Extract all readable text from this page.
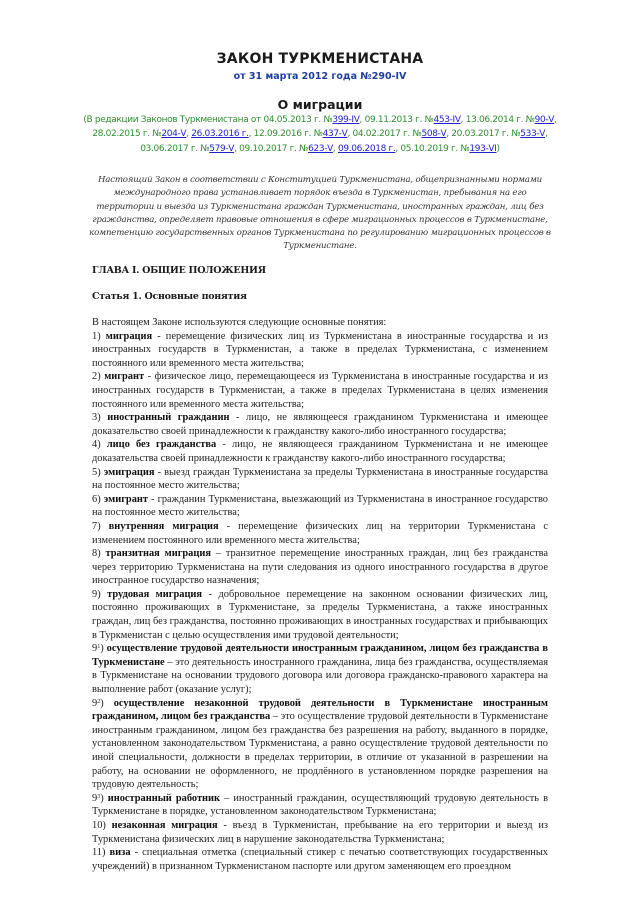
ЗАКОН ТУРКМЕНИСТАНА
от 31 марта 2012 года №290-IV
О миграции
(В редакции Законов Туркменистана от 04.05.2013 г. №399-IV, 09.11.2013 г. №453-IV, 13.06.2014 г. №90-V, 28.02.2015 г. №204-V, 26.03.2016 г., 12.09.2016 г. №437-V, 04.02.2017 г. №508-V, 20.03.2017 г. №533-V, 03.06.2017 г. №579-V, 09.10.2017 г. №623-V, 09.06.2018 г., 05.10.2019 г. №193-VI)
Настоящий Закон в соответствии с Конституцией Туркменистана, общепризнанными нормами международного права устанавливает порядок въезда в Туркменистан, пребывания на его территории и выезда из Туркменистана граждан Туркменистана, иностранных граждан, лиц без гражданства, определяет правовые отношения в сфере миграционных процессов в Туркменистане, компетенцию государственных органов Туркменистана по регулированию миграционных процессов в Туркменистане.
ГЛАВА I. ОБЩИЕ ПОЛОЖЕНИЯ
Статья 1. Основные понятия

В настоящем Законе используются следующие основные понятия:

1) миграция - перемещение физических лиц из Туркменистана в иностранные государства и из иностранных государств в Туркменистан, а также в пределах Туркменистана, с изменением постоянного или временного места жительства;

2) мигрант - физическое лицо, перемещающееся из Туркменистана в иностранные государства и из иностранных государств в Туркменистан, а также в пределах Туркменистана в целях изменения постоянного или временного места жительства;

3) иностранный гражданин - лицо, не являющееся гражданином Туркменистана и имеющее доказательство своей принадлежности к гражданству какого-либо иностранного государства;

4) лицо без гражданства - лицо, не являющееся гражданином Туркменистана и не имеющее доказательства своей принадлежности к гражданству какого-либо иностранного государства;

5) эмиграция - выезд граждан Туркменистана за пределы Туркменистана в иностранные государства на постоянное место жительства;

6) эмигрант - гражданин Туркменистана, выезжающий из Туркменистана в иностранное государство на постоянное место жительства;

7) внутренняя миграция - перемещение физических лиц на территории Туркменистана с изменением постоянного или временного места жительства;

8) транзитная миграция – транзитное перемещение иностранных граждан, лиц без гражданства через территорию Туркменистана на пути следования из одного иностранного государства в другое иностранное государство назначения;

9) трудовая миграция - добровольное перемещение на законном основании физических лиц, постоянно проживающих в Туркменистане, за пределы Туркменистана, а также иностранных граждан, лиц без гражданства, постоянно проживающих в иностранных государствах и прибывающих в Туркменистан с целью осуществления ими трудовой деятельности;

$9^1$) осуществление трудовой деятельности иностранным гражданином, лицом без гражданства в Туркменистане – это деятельность иностранного гражданина, лица без гражданства, осуществляемая в Туркменистане на основании трудового договора или договора гражданско-правового характера на выполнение работ (оказание услуг);

$9^2$) осуществление незаконной трудовой деятельности в Туркменистане иностранным гражданином, лицом без гражданства – это осуществление трудовой деятельности в Туркменистане иностранным гражданином, лицом без гражданства без разрешения на работу, выданного в порядке, установленном законодательством Туркменистана, а равно осуществление трудовой деятельности по иной специальности, должности в пределах территории, в отличие от указанной в разрешении на работу, на основании не оформленного, не продлённого в установленном порядке разрешения на трудовую деятельность;

$9^3$) иностранный работник – иностранный гражданин, осуществляющий трудовую деятельность в Туркменистане в порядке, установленном законодательством Туркменистана;

10) незаконная миграция - въезд в Туркменистан, пребывание на его территории и выезд из Туркменистана физических лиц в нарушение законодательства Туркменистана;

11) виза - специальная отметка (специальный стикер с печатью соответствующих государственных учреждений) в признанном Туркменистаном паспорте или другом заменяющем его проездном
